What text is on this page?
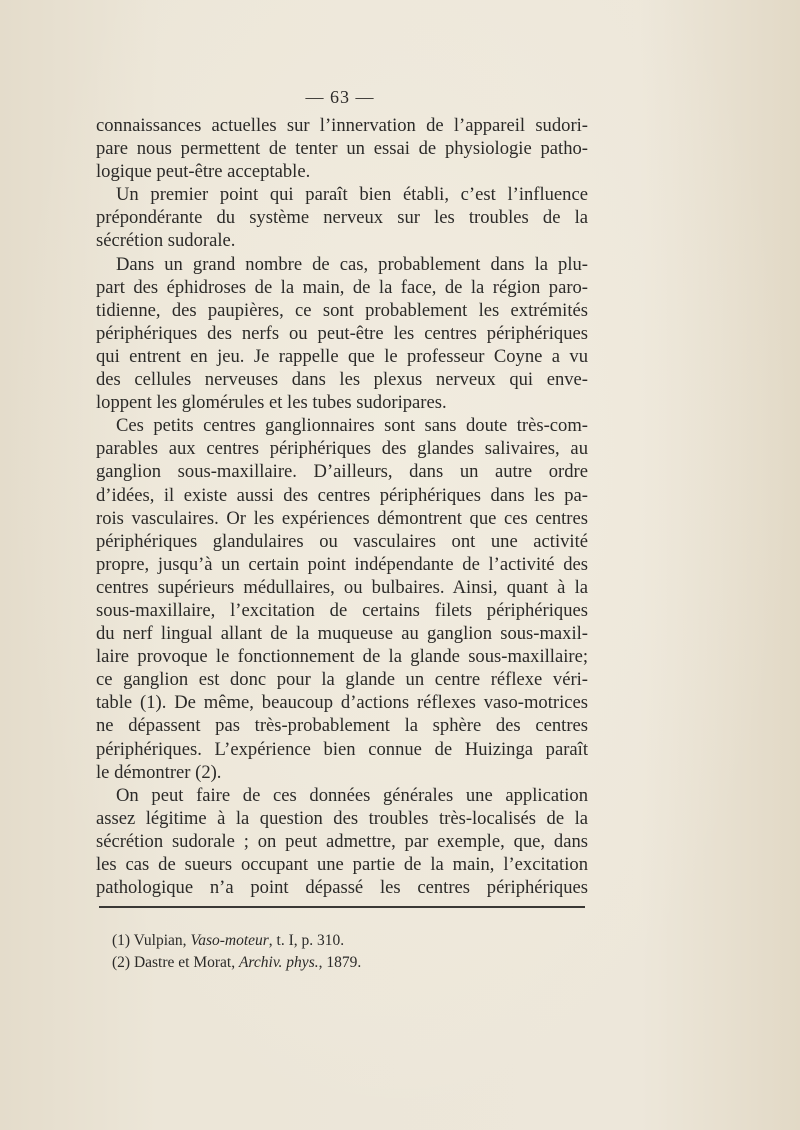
— 63 —
connaissances actuelles sur l’innervation de l’appareil sudori-
pare nous permettent de tenter un essai de physiologie patho-
logique peut-être acceptable.
Un premier point qui paraît bien établi, c’est l’influence
prépondérante du système nerveux sur les troubles de la
sécrétion sudorale.
Dans un grand nombre de cas, probablement dans la plu-
part des éphidroses de la main, de la face, de la région paro-
tidienne, des paupières, ce sont probablement les extrémités
périphériques des nerfs ou peut-être les centres périphériques
qui entrent en jeu. Je rappelle que le professeur Coyne a vu
des cellules nerveuses dans les plexus nerveux qui enve-
loppent les glomérules et les tubes sudoripares.
Ces petits centres ganglionnaires sont sans doute très-com-
parables aux centres périphériques des glandes salivaires, au
ganglion sous-maxillaire. D’ailleurs, dans un autre ordre
d’idées, il existe aussi des centres périphériques dans les pa-
rois vasculaires. Or les expériences démontrent que ces centres
périphériques glandulaires ou vasculaires ont une activité
propre, jusqu’à un certain point indépendante de l’activité des
centres supérieurs médullaires, ou bulbaires. Ainsi, quant à la
sous-maxillaire, l’excitation de certains filets périphériques
du nerf lingual allant de la muqueuse au ganglion sous-maxil-
laire provoque le fonctionnement de la glande sous-maxillaire;
ce ganglion est donc pour la glande un centre réflexe véri-
table (1). De même, beaucoup d’actions réflexes vaso-motrices
ne dépassent pas très-probablement la sphère des centres
périphériques. L’expérience bien connue de Huizinga paraît
le démontrer (2).
On peut faire de ces données générales une application
assez légitime à la question des troubles très-localisés de la
sécrétion sudorale ; on peut admettre, par exemple, que, dans
les cas de sueurs occupant une partie de la main, l’excitation
pathologique n’a point dépassé les centres périphériques
(1) Vulpian, Vaso-moteur, t. I, p. 310.
(2) Dastre et Morat, Archiv. phys., 1879.
